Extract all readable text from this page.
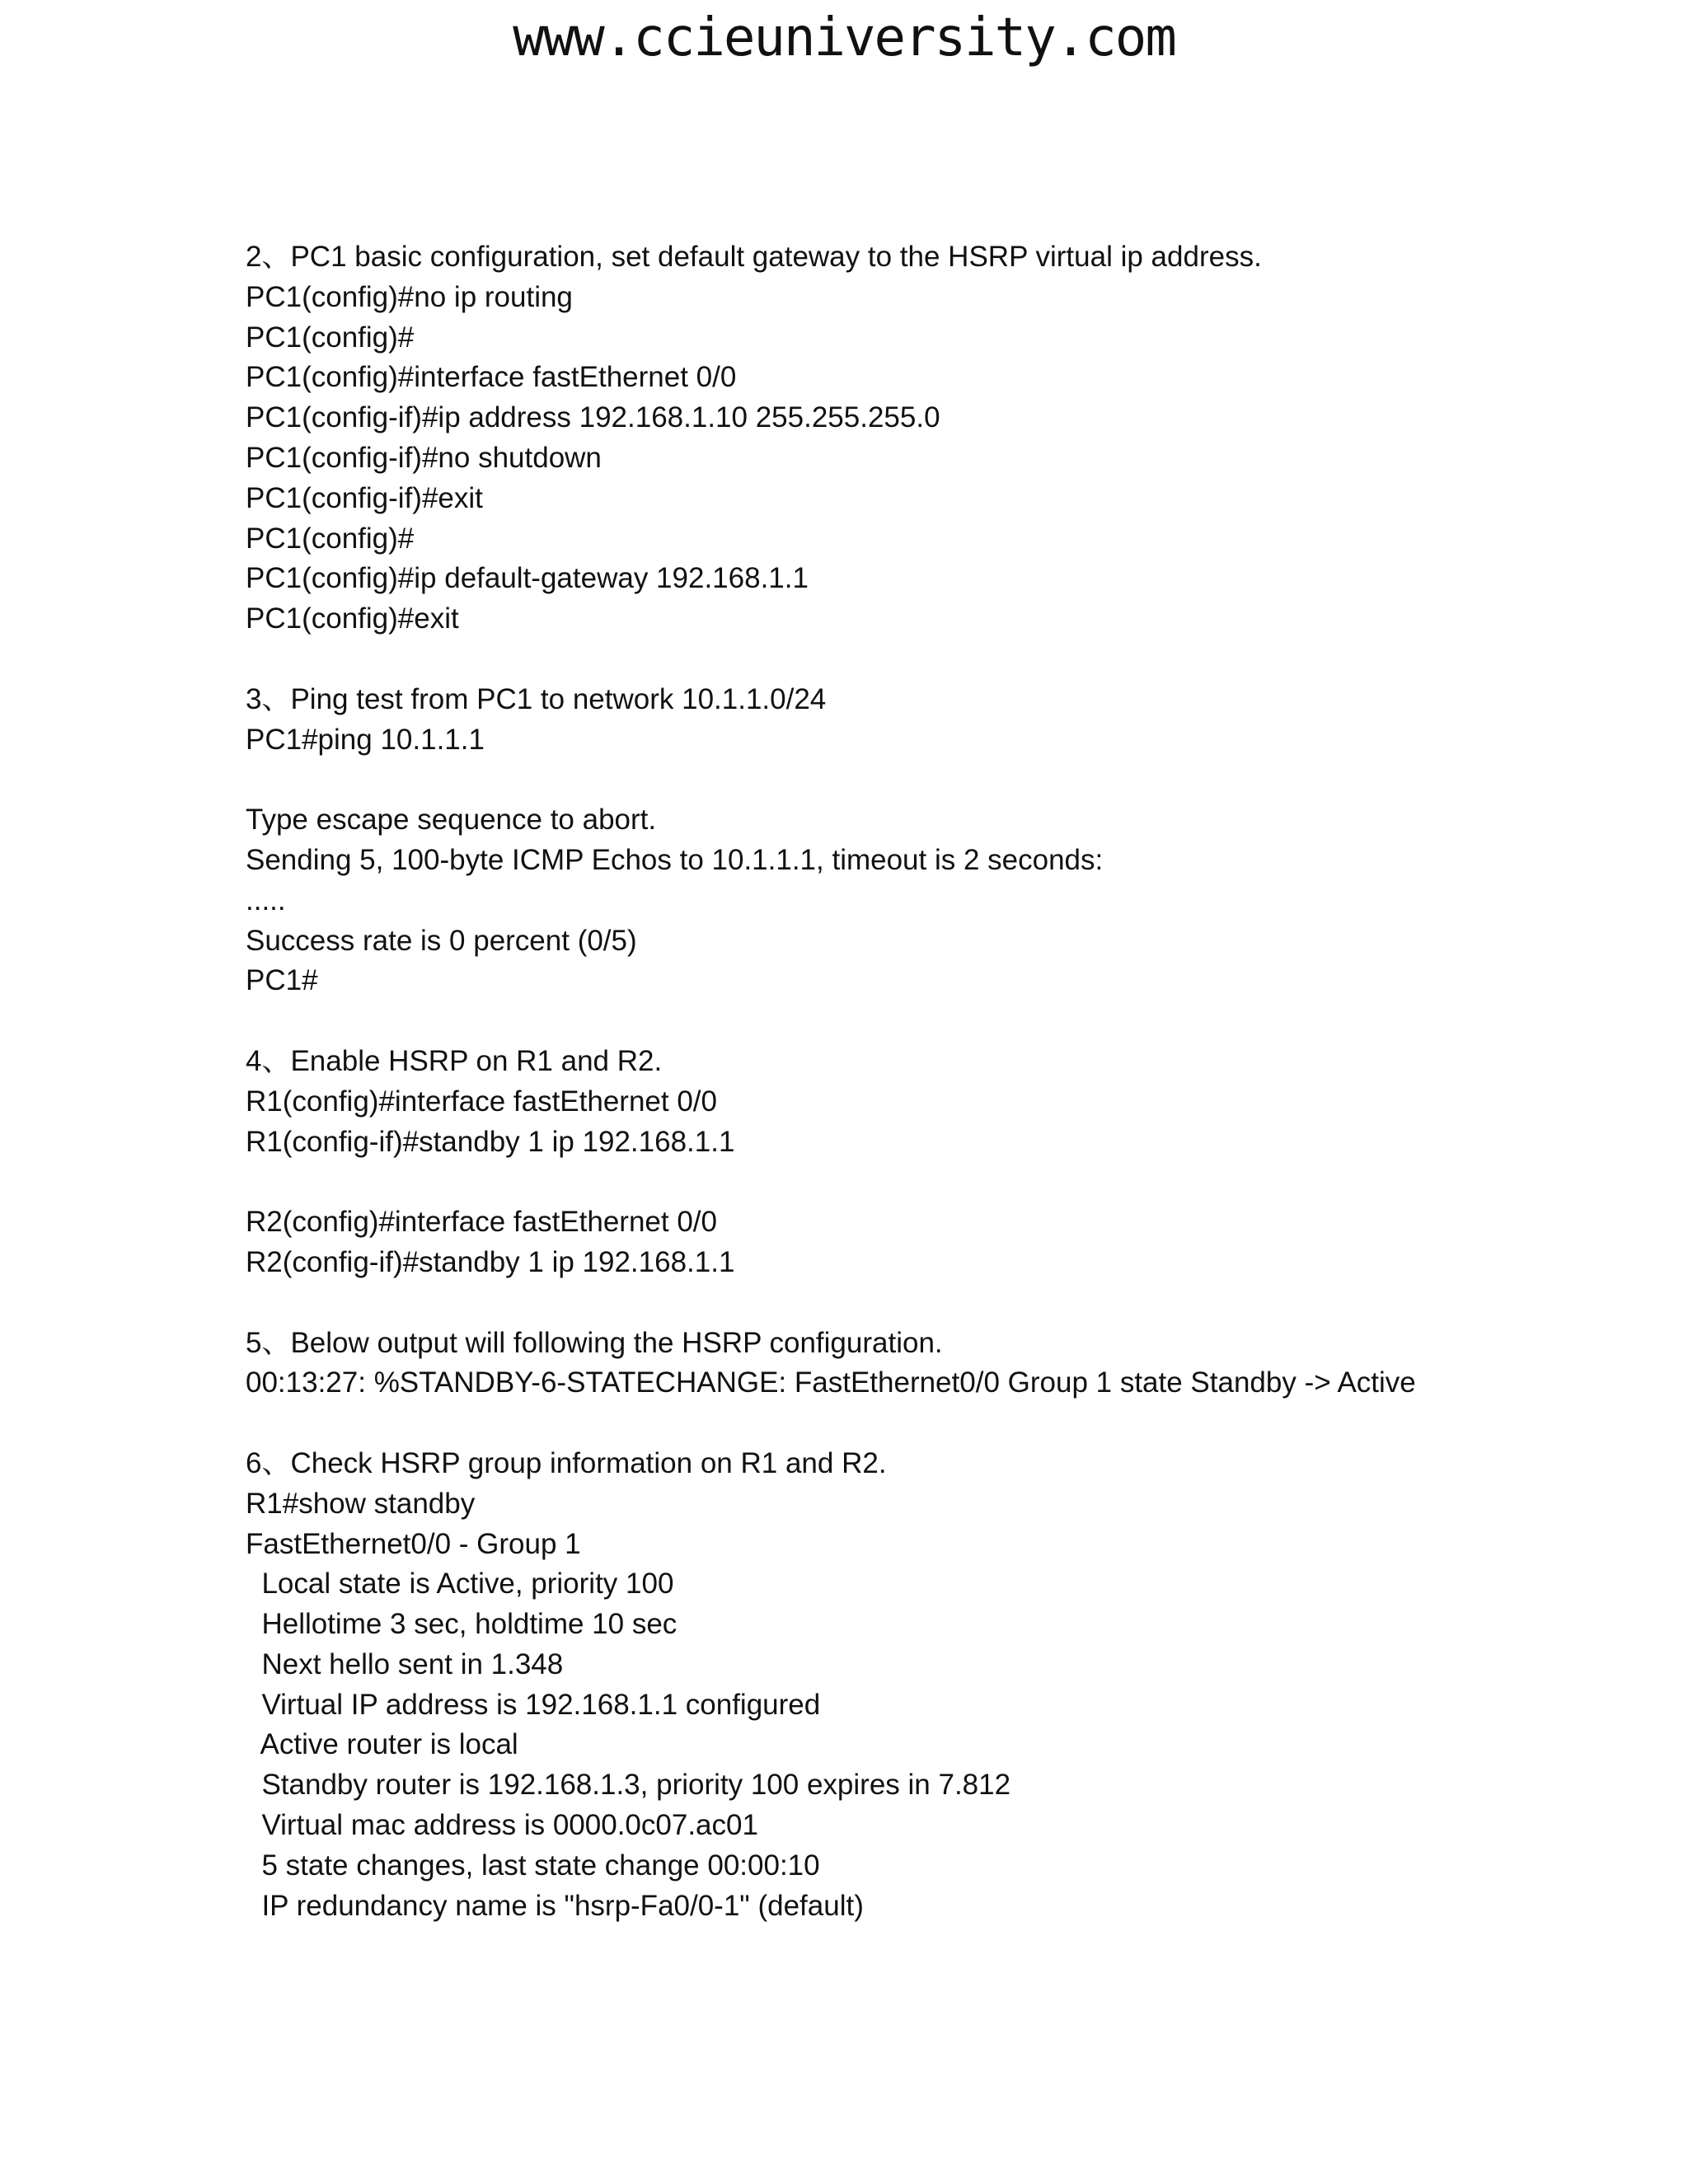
www.ccieuniversity.com
2、PC1 basic configuration, set default gateway to the HSRP virtual ip address.
PC1(config)#no ip routing
PC1(config)#
PC1(config)#interface fastEthernet 0/0
PC1(config-if)#ip address 192.168.1.10 255.255.255.0
PC1(config-if)#no shutdown
PC1(config-if)#exit
PC1(config)#
PC1(config)#ip default-gateway 192.168.1.1
PC1(config)#exit
3、Ping test from PC1 to network 10.1.1.0/24
PC1#ping 10.1.1.1
Type escape sequence to abort.
Sending 5, 100-byte ICMP Echos to 10.1.1.1, timeout is 2 seconds:
.....
Success rate is 0 percent (0/5)
PC1#
4、Enable HSRP on R1 and R2.
R1(config)#interface fastEthernet 0/0
R1(config-if)#standby 1 ip 192.168.1.1
R2(config)#interface fastEthernet 0/0
R2(config-if)#standby 1 ip 192.168.1.1
5、Below output will following the HSRP configuration.
00:13:27: %STANDBY-6-STATECHANGE: FastEthernet0/0 Group 1 state Standby -> Active
6、Check HSRP group information on R1 and R2.
R1#show standby
FastEthernet0/0 - Group 1
Local state is Active, priority 100
Hellotime 3 sec, holdtime 10 sec
Next hello sent in 1.348
Virtual IP address is 192.168.1.1 configured
Active router is local
Standby router is 192.168.1.3, priority 100 expires in 7.812
Virtual mac address is 0000.0c07.ac01
5 state changes, last state change 00:00:10
IP redundancy name is "hsrp-Fa0/0-1" (default)
